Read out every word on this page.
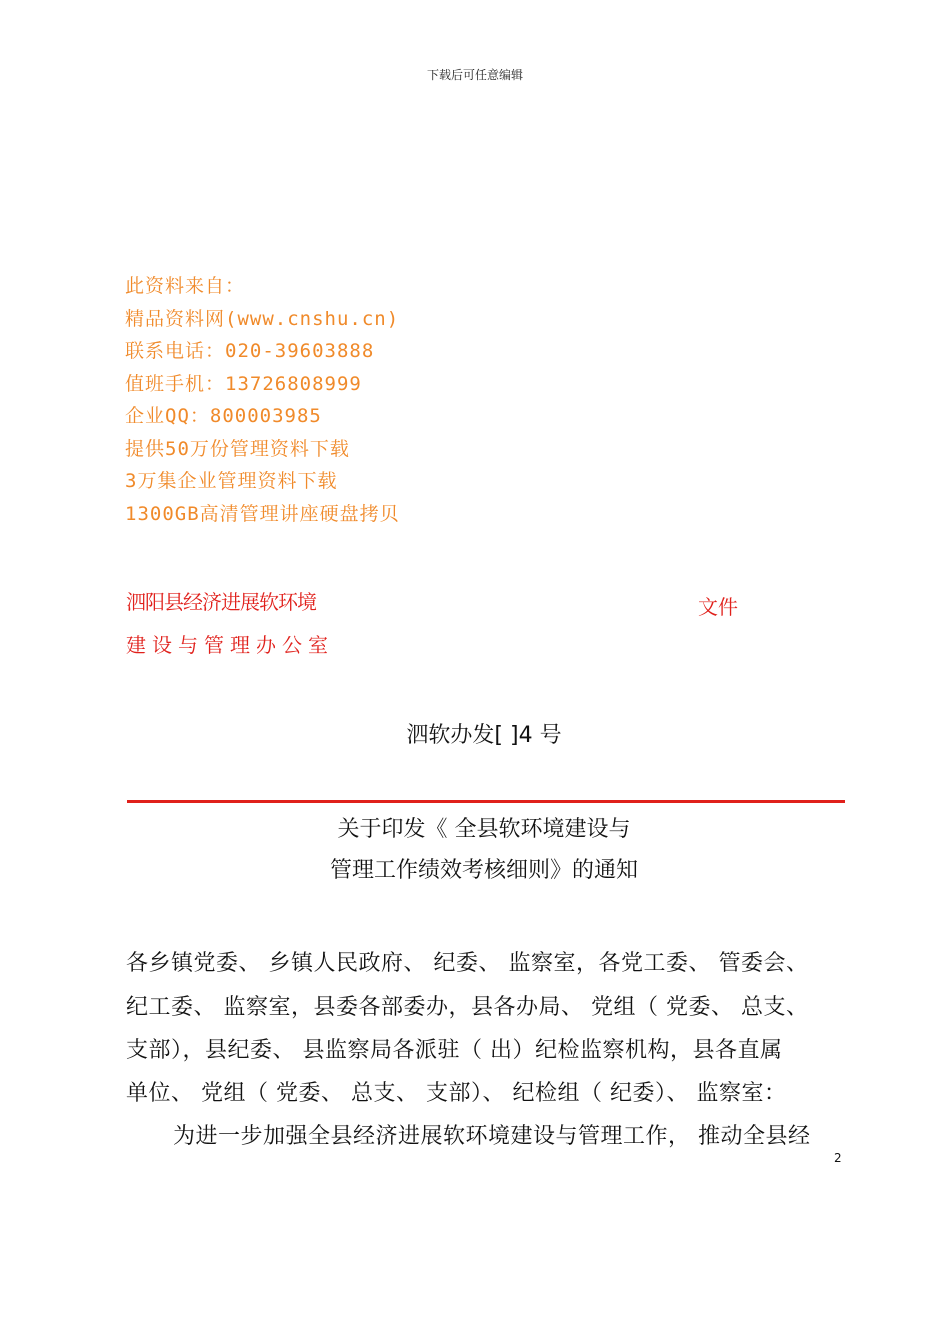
下载后可任意编辑
此资料来自：
精品资料网(www.cnshu.cn)
联系电话：020-39603888
值班手机：13726808999
企业QQ：800003985
提供50万份管理资料下载
3万集企业管理资料下载
1300GB高清管理讲座硬盘拷贝
泗阳县经济进展软环境
建设与管理办公室
文件
泗软办发[ ]4 号
关于印发《 全县软环境建设与
管理工作绩效考核细则》的通知
各乡镇党委、 乡镇人民政府、 纪委、 监察室，各党工委、 管委会、
纪工委、 监察室，县委各部委办，县各办局、 党组（ 党委、 总支、
支部），县纪委、 县监察局各派驻（ 出）纪检监察机构，县各直属
单位、 党组（ 党委、 总支、 支部）、 纪检组（ 纪委）、 监察室：
为进一步加强全县经济进展软环境建设与管理工作， 推动全县经
2
